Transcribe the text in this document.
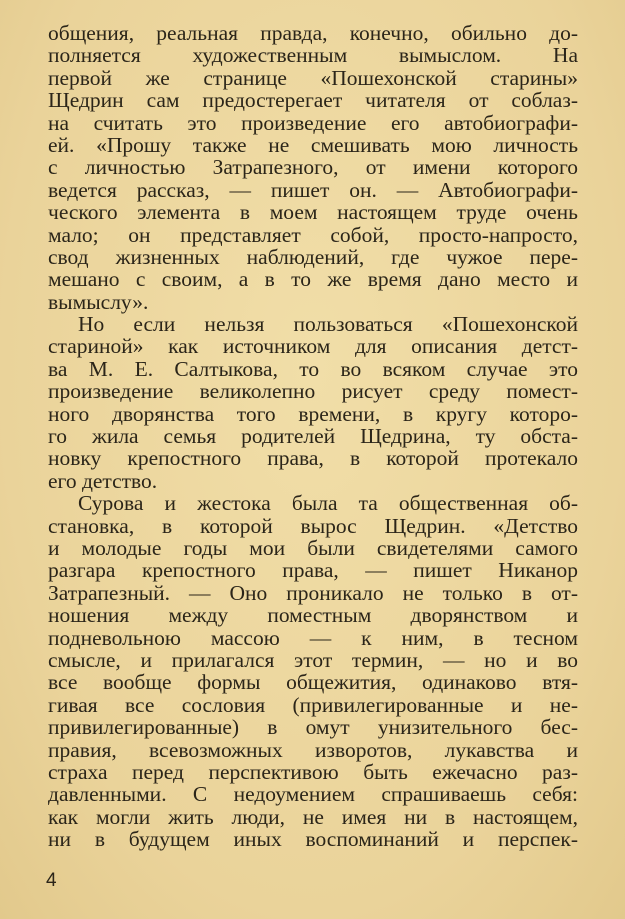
общения, реальная правда, конечно, обильно до-
полняется художественным вымыслом. На
первой же странице «Пошехонской старины»
Щедрин сам предостерегает читателя от соблаз-
на считать это произведение его автобиографи-
ей. «Прошу также не смешивать мою личность
с личностью Затрапезного, от имени которого
ведется рассказ, — пишет он. — Автобиографи-
ческого элемента в моем настоящем труде очень
мало; он представляет собой, просто-напросто,
свод жизненных наблюдений, где чужое пере-
мешано с своим, а в то же время дано место и
вымыслу».
Но если нельзя пользоваться «Пошехонской
стариной» как источником для описания детст-
ва М. Е. Салтыкова, то во всяком случае это
произведение великолепно рисует среду помест-
ного дворянства того времени, в кругу которо-
го жила семья родителей Щедрина, ту обста-
новку крепостного права, в которой протекало
его детство.
Сурова и жестока была та общественная об-
становка, в которой вырос Щедрин. «Детство
и молодые годы мои были свидетелями самого
разгара крепостного права, — пишет Никанор
Затрапезный. — Оно проникало не только в от-
ношения между поместным дворянством и
подневольною массою — к ним, в тесном
смысле, и прилагался этот термин, — но и во
все вообще формы общежития, одинаково втя-
гивая все сословия (привилегированные и не-
привилегированные) в омут унизительного бес-
правия, всевозможных изворотов, лукавства и
страха перед перспективою быть ежечасно раз-
давленными. С недоумением спрашиваешь себя:
как могли жить люди, не имея ни в настоящем,
ни в будущем иных воспоминаний и перспек-
4
